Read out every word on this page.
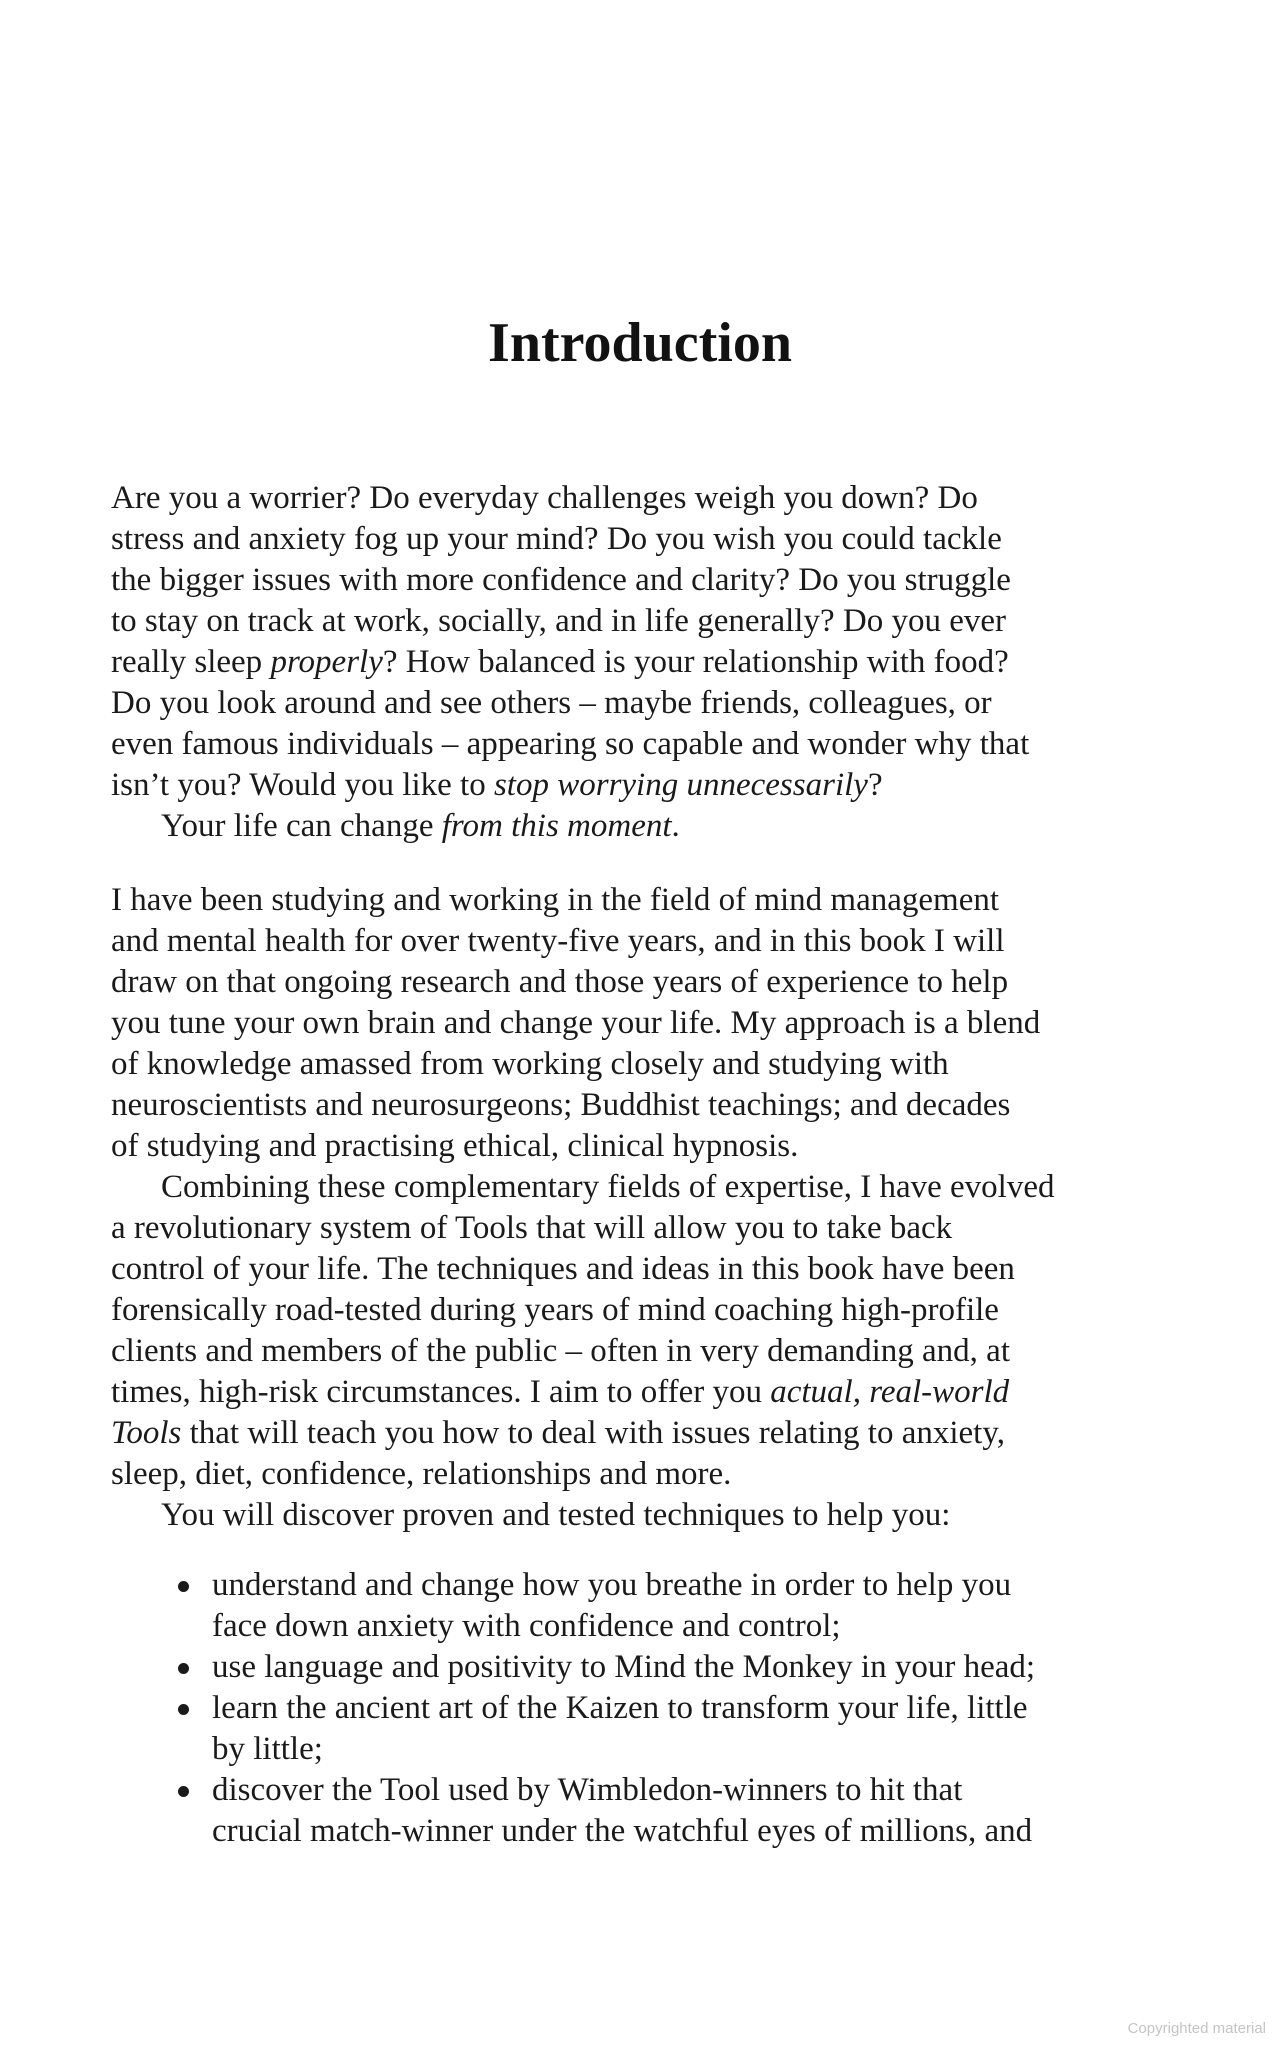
Introduction
Are you a worrier? Do everyday challenges weigh you down? Do
stress and anxiety fog up your mind? Do you wish you could tackle
the bigger issues with more confidence and clarity? Do you struggle
to stay on track at work, socially, and in life generally? Do you ever
really sleep properly? How balanced is your relationship with food?
Do you look around and see others – maybe friends, colleagues, or
even famous individuals – appearing so capable and wonder why that
isn’t you? Would you like to stop worrying unnecessarily?
Your life can change from this moment.
I have been studying and working in the field of mind management
and mental health for over twenty-five years, and in this book I will
draw on that ongoing research and those years of experience to help
you tune your own brain and change your life. My approach is a blend
of knowledge amassed from working closely and studying with
neuroscientists and neurosurgeons; Buddhist teachings; and decades
of studying and practising ethical, clinical hypnosis.
Combining these complementary fields of expertise, I have evolved
a revolutionary system of Tools that will allow you to take back
control of your life. The techniques and ideas in this book have been
forensically road-tested during years of mind coaching high-profile
clients and members of the public – often in very demanding and, at
times, high-risk circumstances. I aim to offer you actual, real-world
Tools that will teach you how to deal with issues relating to anxiety,
sleep, diet, confidence, relationships and more.
You will discover proven and tested techniques to help you:
understand and change how you breathe in order to help you
face down anxiety with confidence and control;
use language and positivity to Mind the Monkey in your head;
learn the ancient art of the Kaizen to transform your life, little
by little;
discover the Tool used by Wimbledon-winners to hit that
crucial match-winner under the watchful eyes of millions, and
Copyrighted material
